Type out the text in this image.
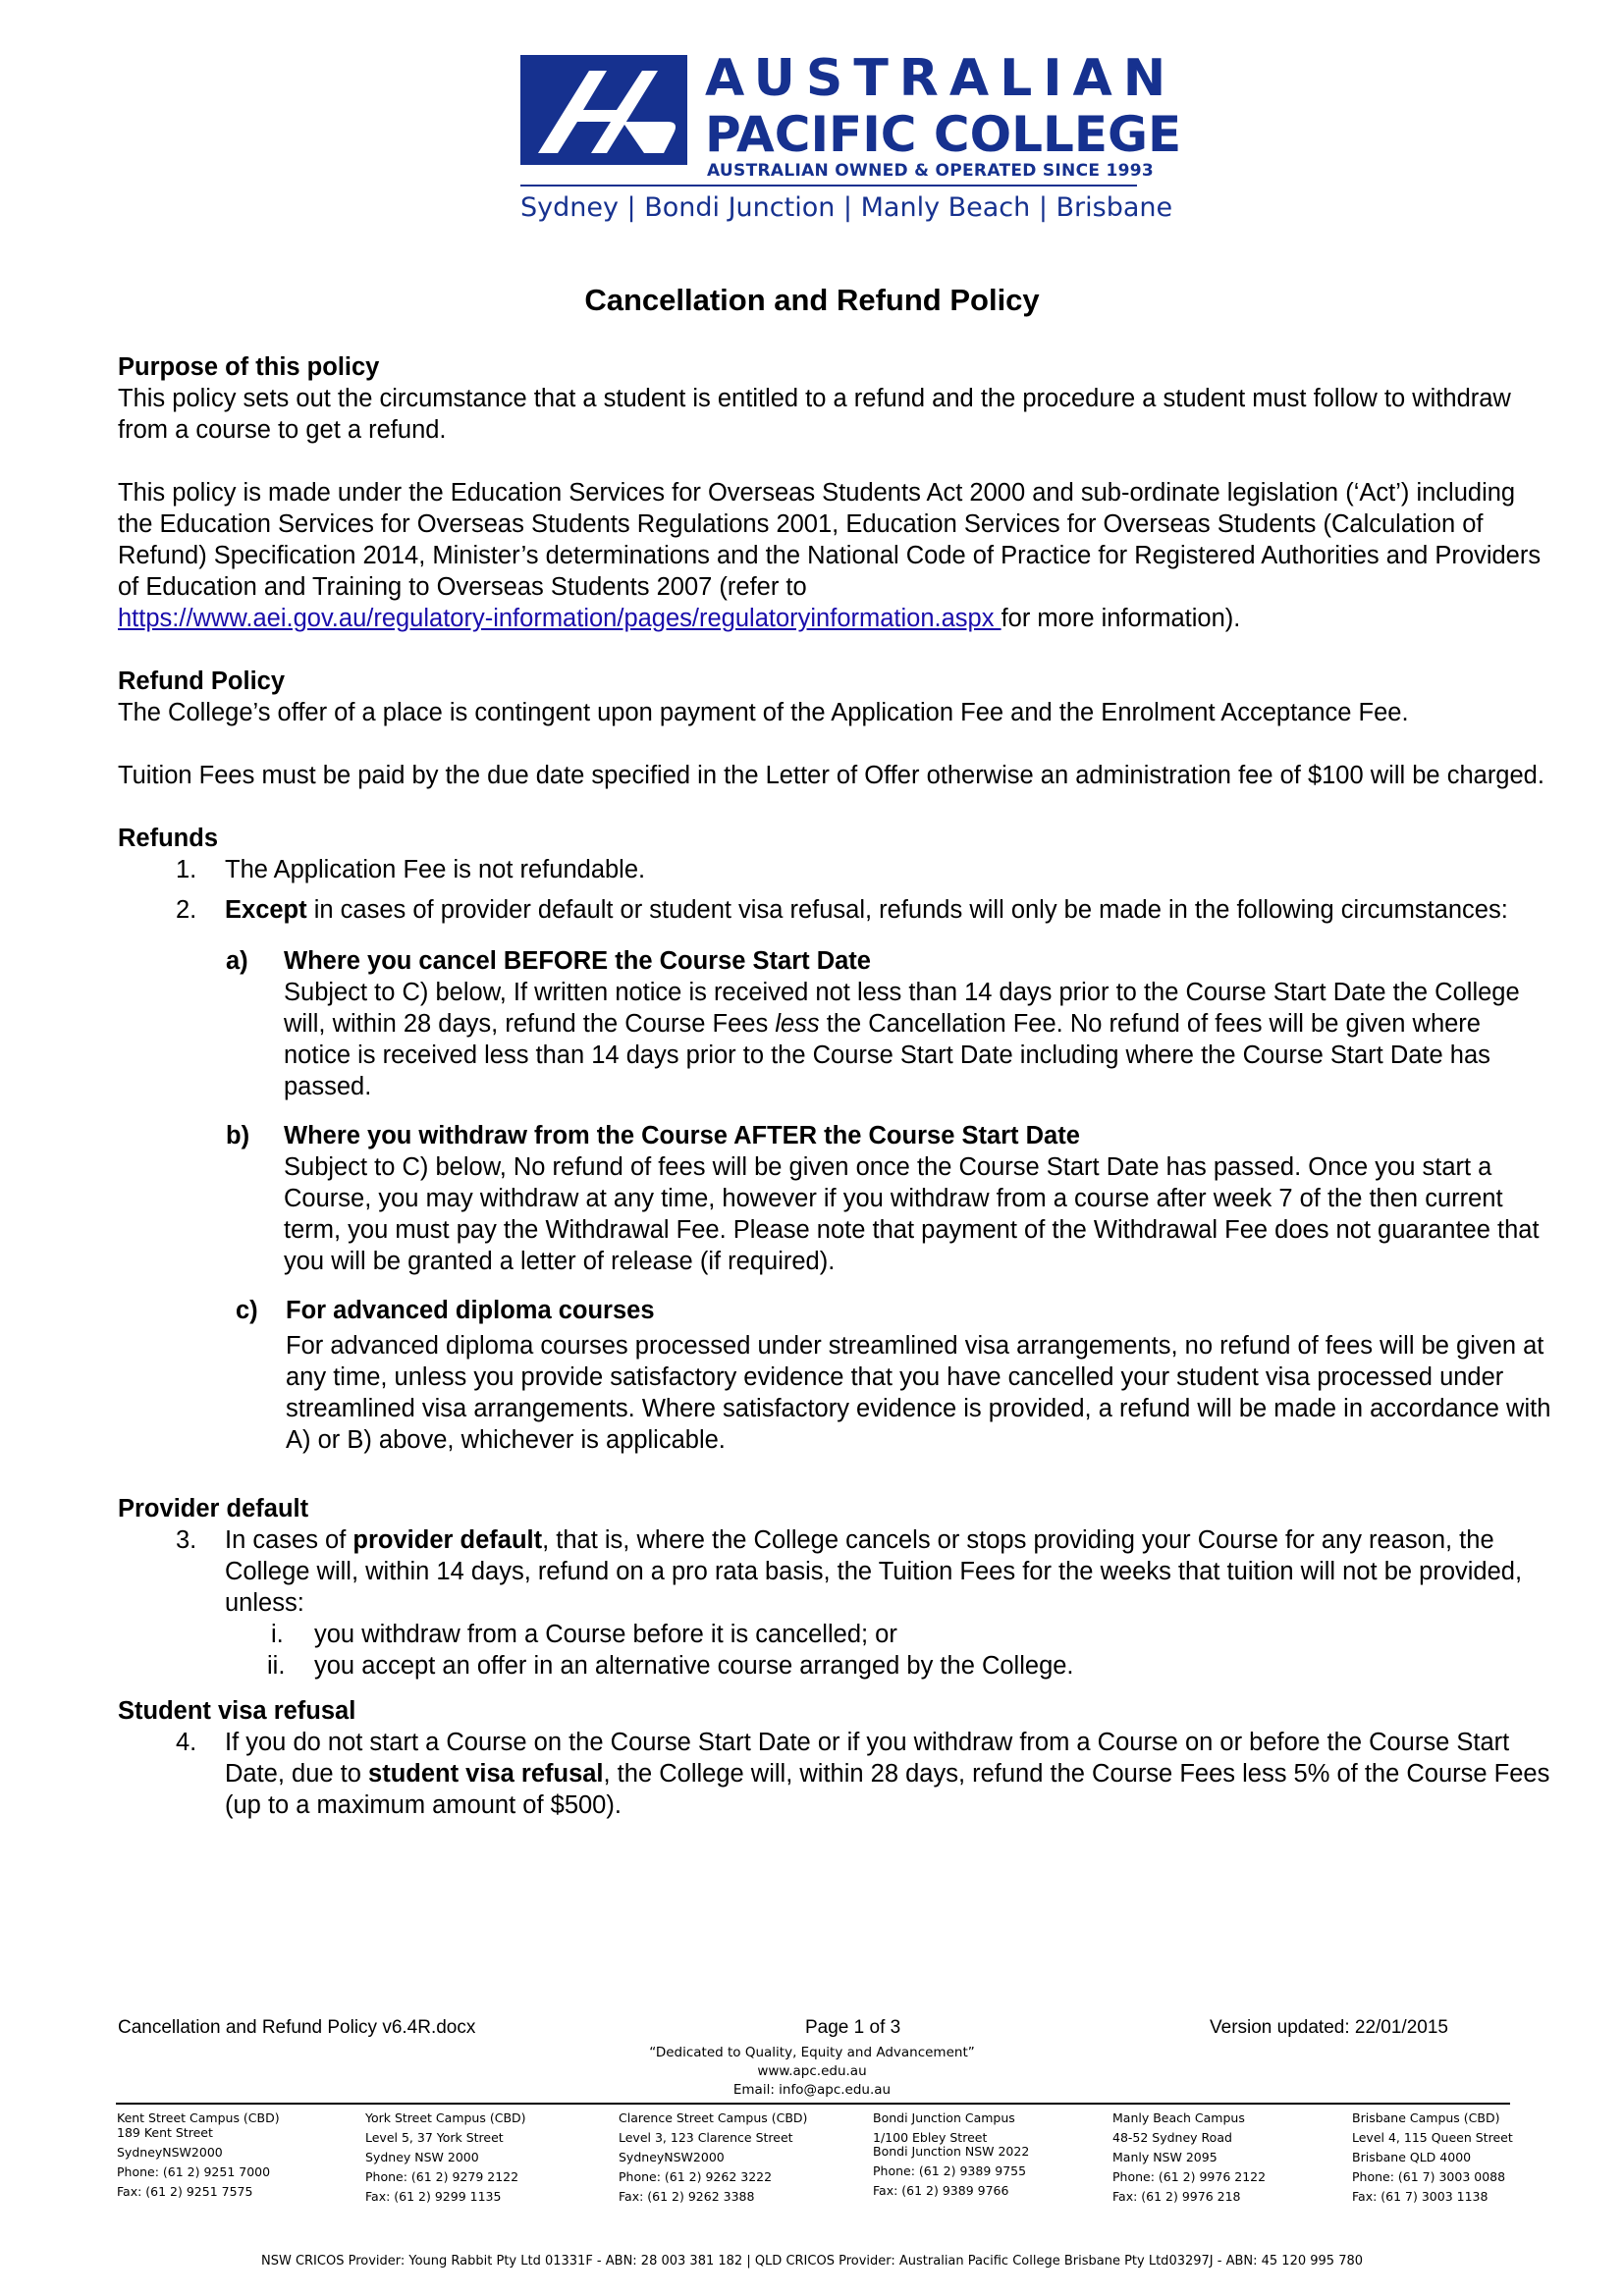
AUSTRALIAN
PACIFIC COLLEGE
AUSTRALIAN OWNED & OPERATED SINCE 1993
Sydney | Bondi Junction | Manly Beach | Brisbane
Cancellation and Refund Policy

Purpose of this policy

This policy sets out the circumstance that a student is entitled to a refund and the procedure a student must follow to withdraw from a course to get a refund.

This policy is made under the Education Services for Overseas Students Act 2000 and sub-ordinate legislation (‘Act’) including the Education Services for Overseas Students Regulations 2001, Education Services for Overseas Students (Calculation of Refund) Specification 2014, Minister’s determinations and the National Code of Practice for Registered Authorities and Providers of Education and Training to Overseas Students 2007 (refer to
https://www.aei.gov.au/regulatory-information/pages/regulatoryinformation.aspx for more information).

Refund Policy

The College’s offer of a place is contingent upon payment of the Application Fee and the Enrolment Acceptance Fee.

Tuition Fees must be paid by the due date specified in the Letter of Offer otherwise an administration fee of $100 will be charged.

Refunds

1. The Application Fee is not refundable.
2. Except in cases of provider default or student visa refusal, refunds will only be made in the following circumstances:
a) Where you cancel BEFORE the Course Start Date
Subject to C) below, If written notice is received not less than 14 days prior to the Course Start Date the College will, within 28 days, refund the Course Fees less the Cancellation Fee. No refund of fees will be given where notice is received less than 14 days prior to the Course Start Date including where the Course Start Date has passed.
b) Where you withdraw from the Course AFTER the Course Start Date
Subject to C) below, No refund of fees will be given once the Course Start Date has passed. Once you start a Course, you may withdraw at any time, however if you withdraw from a course after week 7 of the then current term, you must pay the Withdrawal Fee. Please note that payment of the Withdrawal Fee does not guarantee that you will be granted a letter of release (if required).
c) For advanced diploma courses
For advanced diploma courses processed under streamlined visa arrangements, no refund of fees will be given at any time, unless you provide satisfactory evidence that you have cancelled your student visa processed under streamlined visa arrangements. Where satisfactory evidence is provided, a refund will be made in accordance with A) or B) above, whichever is applicable.

Provider default

3. In cases of provider default, that is, where the College cancels or stops providing your Course for any reason, the College will, within 14 days, refund on a pro rata basis, the Tuition Fees for the weeks that tuition will not be provided, unless:
i. you withdraw from a Course before it is cancelled; or
ii. you accept an offer in an alternative course arranged by the College.

Student visa refusal

4. If you do not start a Course on the Course Start Date or if you withdraw from a Course on or before the Course Start Date, due to student visa refusal, the College will, within 28 days, refund the Course Fees less 5% of the Course Fees (up to a maximum amount of $500).
Cancellation and Refund Policy v6.4R.docx	Page 1 of 3	Version updated: 22/01/2015
“Dedicated to Quality, Equity and Advancement”
www.apc.edu.au
Email: info@apc.edu.au
Kent Street Campus (CBD)
189 Kent Street
SydneyNSW2000
Phone: (61 2) 9251 7000
Fax: (61 2) 9251 7575
York Street Campus (CBD)
Level 5, 37 York Street
Sydney NSW 2000
Phone: (61 2) 9279 2122
Fax: (61 2) 9299 1135
Clarence Street Campus (CBD)
Level 3, 123 Clarence Street
SydneyNSW2000
Phone: (61 2) 9262 3222
Fax: (61 2) 9262 3388
Bondi Junction Campus
1/100 Ebley Street
Bondi Junction NSW 2022
Phone: (61 2) 9389 9755
Fax: (61 2) 9389 9766
Manly Beach Campus
48-52 Sydney Road
Manly NSW 2095
Phone: (61 2) 9976 2122
Fax: (61 2) 9976 218
Brisbane Campus (CBD)
Level 4, 115 Queen Street
Brisbane QLD 4000
Phone: (61 7) 3003 0088
Fax: (61 7) 3003 1138
NSW CRICOS Provider: Young Rabbit Pty Ltd 01331F - ABN: 28 003 381 182 | QLD CRICOS Provider: Australian Pacific College Brisbane Pty Ltd03297J - ABN: 45 120 995 780
